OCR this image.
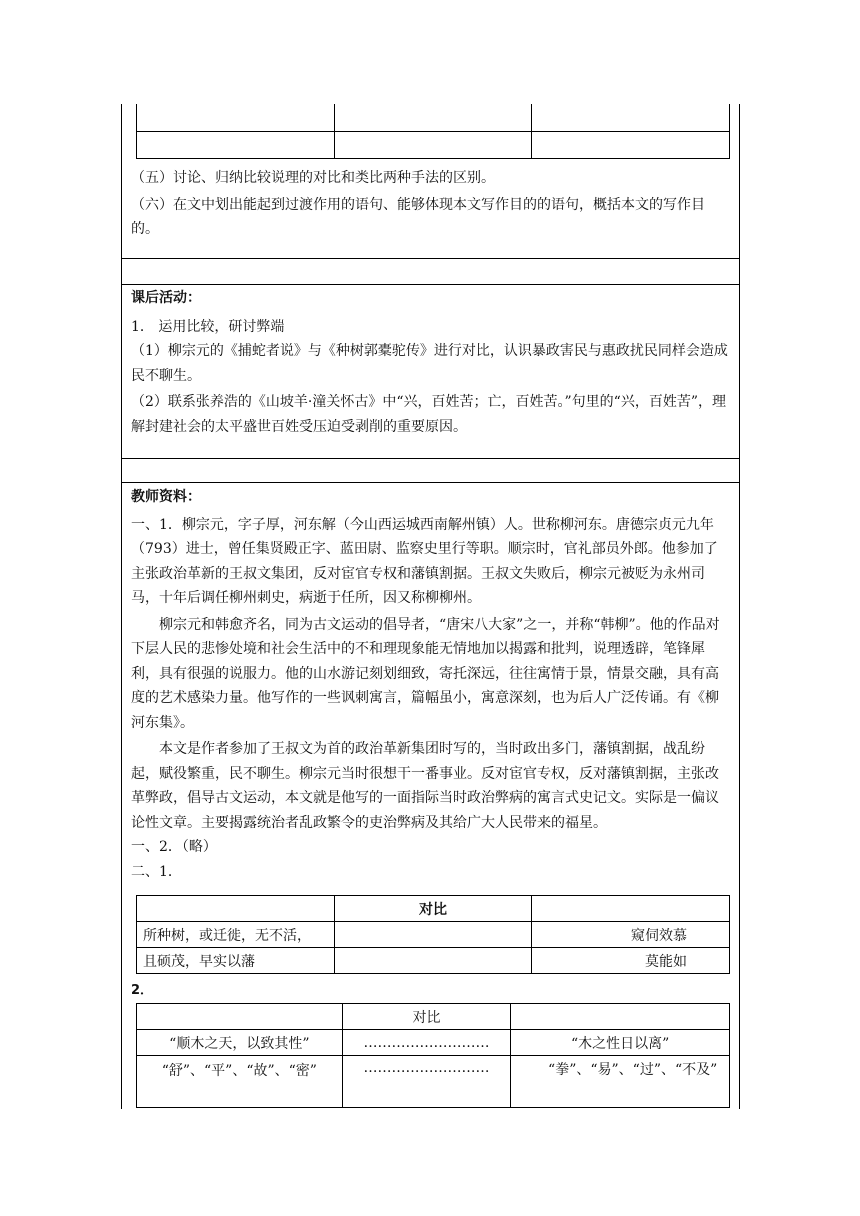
（五）讨论、归纳比较说理的对比和类比两种手法的区别。

（六）在文中划出能起到过渡作用的语句、能够体现本文写作目的的语句，概括本文的写作目的。

课后活动：

1． 运用比较，研讨弊端

（1）柳宗元的《捕蛇者说》与《种树郭橐驼传》进行对比，认识暴政害民与惠政扰民同样会造成民不聊生。

（2）联系张养浩的《山坡羊·潼关怀古》中“兴，百姓苦；亡，百姓苦。”句里的“兴，百姓苦”，理解封建社会的太平盛世百姓受压迫受剥削的重要原因。

教师资料：

一、1．柳宗元，字子厚，河东解（今山西运城西南解州镇）人。世称柳河东。唐德宗贞元九年（793）进士，曾任集贤殿正字、蓝田尉、监察史里行等职。顺宗时，官礼部员外郎。他参加了主张政治革新的王叔文集团，反对宦官专权和藩镇割据。王叔文失败后，柳宗元被贬为永州司马，十年后调任柳州刺史，病逝于任所，因又称柳柳州。

柳宗元和韩愈齐名，同为古文运动的倡导者，“唐宋八大家”之一，并称“韩柳”。他的作品对下层人民的悲惨处境和社会生活中的不和理现象能无情地加以揭露和批判，说理透辟，笔锋犀利，具有很强的说服力。他的山水游记刻划细致，寄托深远，往往寓情于景，情景交融，具有高度的艺术感染力量。他写作的一些讽刺寓言，篇幅虽小，寓意深刻，也为后人广泛传诵。有《柳河东集》。

本文是作者参加了王叔文为首的政治革新集团时写的，当时政出多门，藩镇割据，战乱纷起，赋役繁重，民不聊生。柳宗元当时很想干一番事业。反对宦官专权，反对藩镇割据，主张改革弊政，倡导古文运动，本文就是他写的一面指际当时政治弊病的寓言式史记文。实际是一偏议论性文章。主要揭露统治者乱政繁令的吏治弊病及其给广大人民带来的福星。

一、2．（略）

二、1．

	对比	
所种树，或迁徙，无不活，		窥伺效慕
且硕茂，早实以藩		莫能如
2．
	对比	
“顺木之天，以致其性”	………………………	“木之性日以离”
“舒”、“平”、“故”、“密”	………………………	“拳”、“易”、“过”、“不及”
